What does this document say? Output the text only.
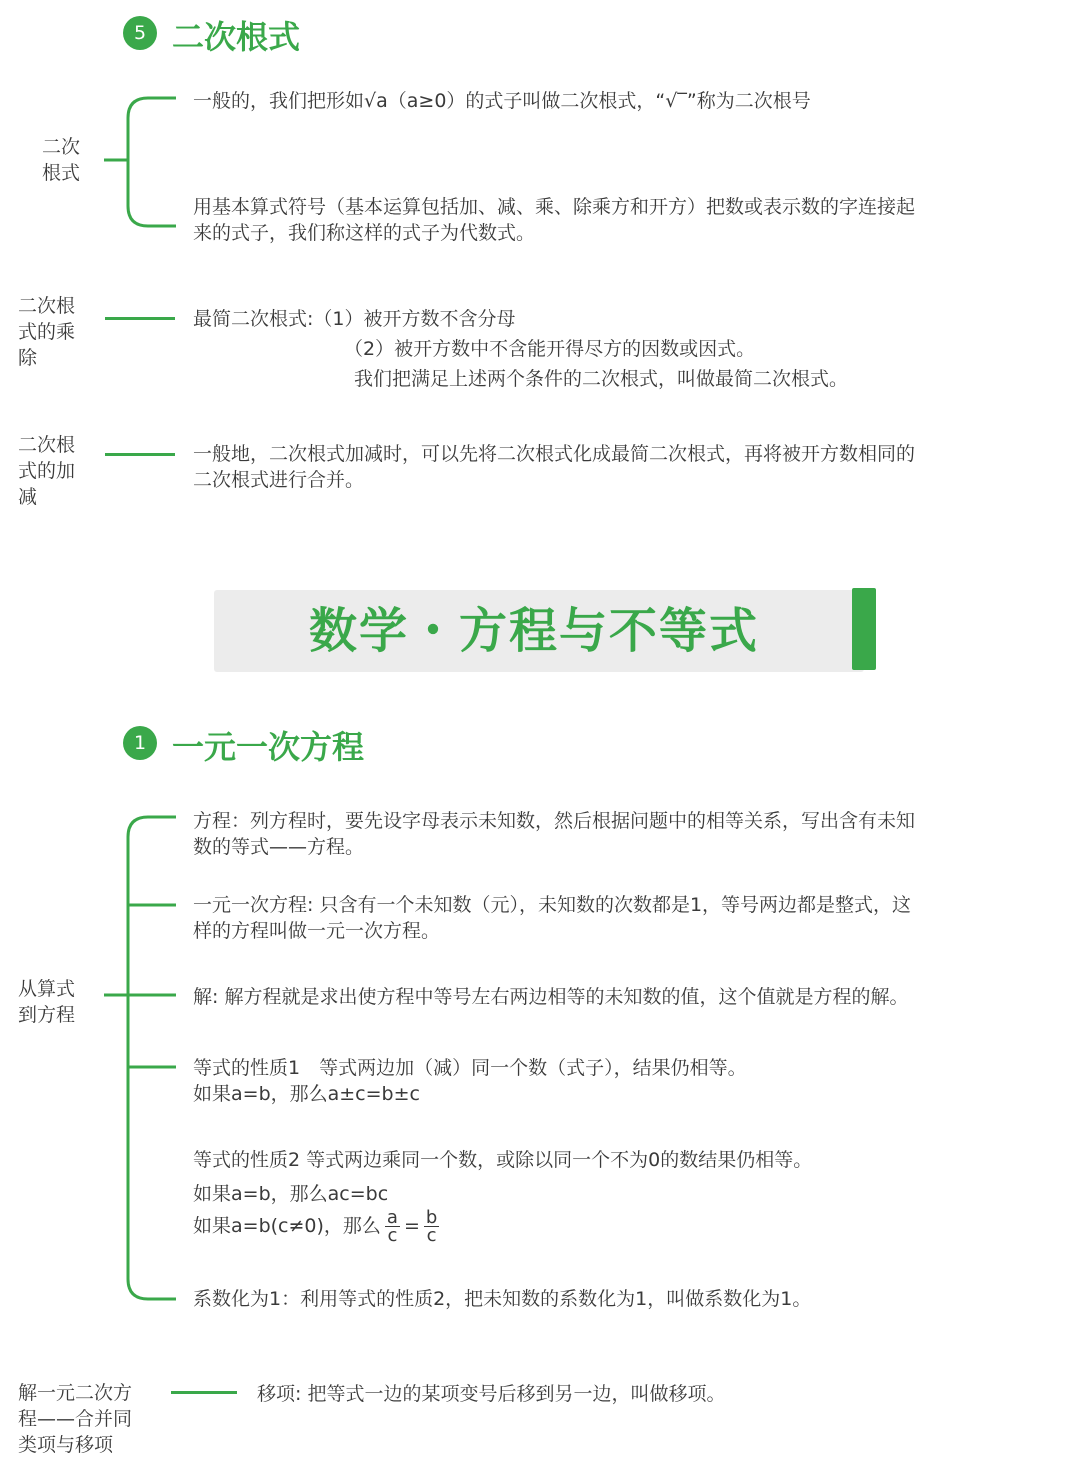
5 二次根式
二次
根式
一般的，我们把形如√a（a≥0）的式子叫做二次根式，“√‾”称为二次根号
用基本算式符号（基本运算包括加、减、乘、除乘方和开方）把数或表示数的字连接起
来的式子，我们称这样的式子为代数式。
二次根
式的乘
除
最简二次根式:（1）被开方数不含分母
（2）被开方数中不含能开得尽方的因数或因式。
我们把满足上述两个条件的二次根式，叫做最简二次根式。
二次根
式的加
减
一般地，二次根式加减时，可以先将二次根式化成最简二次根式，再将被开方数相同的
二次根式进行合并。
数学・方程与不等式
1 一元一次方程
从算式
到方程
方程：列方程时，要先设字母表示未知数，然后根据问题中的相等关系，写出含有未知
数的等式——方程。
一元一次方程: 只含有一个未知数（元），未知数的次数都是1，等号两边都是整式，这
样的方程叫做一元一次方程。
解: 解方程就是求出使方程中等号左右两边相等的未知数的值，这个值就是方程的解。
等式的性质1　等式两边加（减）同一个数（式子），结果仍相等。
如果a=b，那么a±c=b±c
等式的性质2 等式两边乘同一个数，或除以同一个不为0的数结果仍相等。
如果a=b，那么ac=bc
如果a=b(c≠0)，那么 $\frac{a}{c} = \frac{b}{c}$
系数化为1：利用等式的性质2，把未知数的系数化为1，叫做系数化为1。
解一元二次方
程——合并同
类项与移项
移项: 把等式一边的某项变号后移到另一边，叫做移项。
